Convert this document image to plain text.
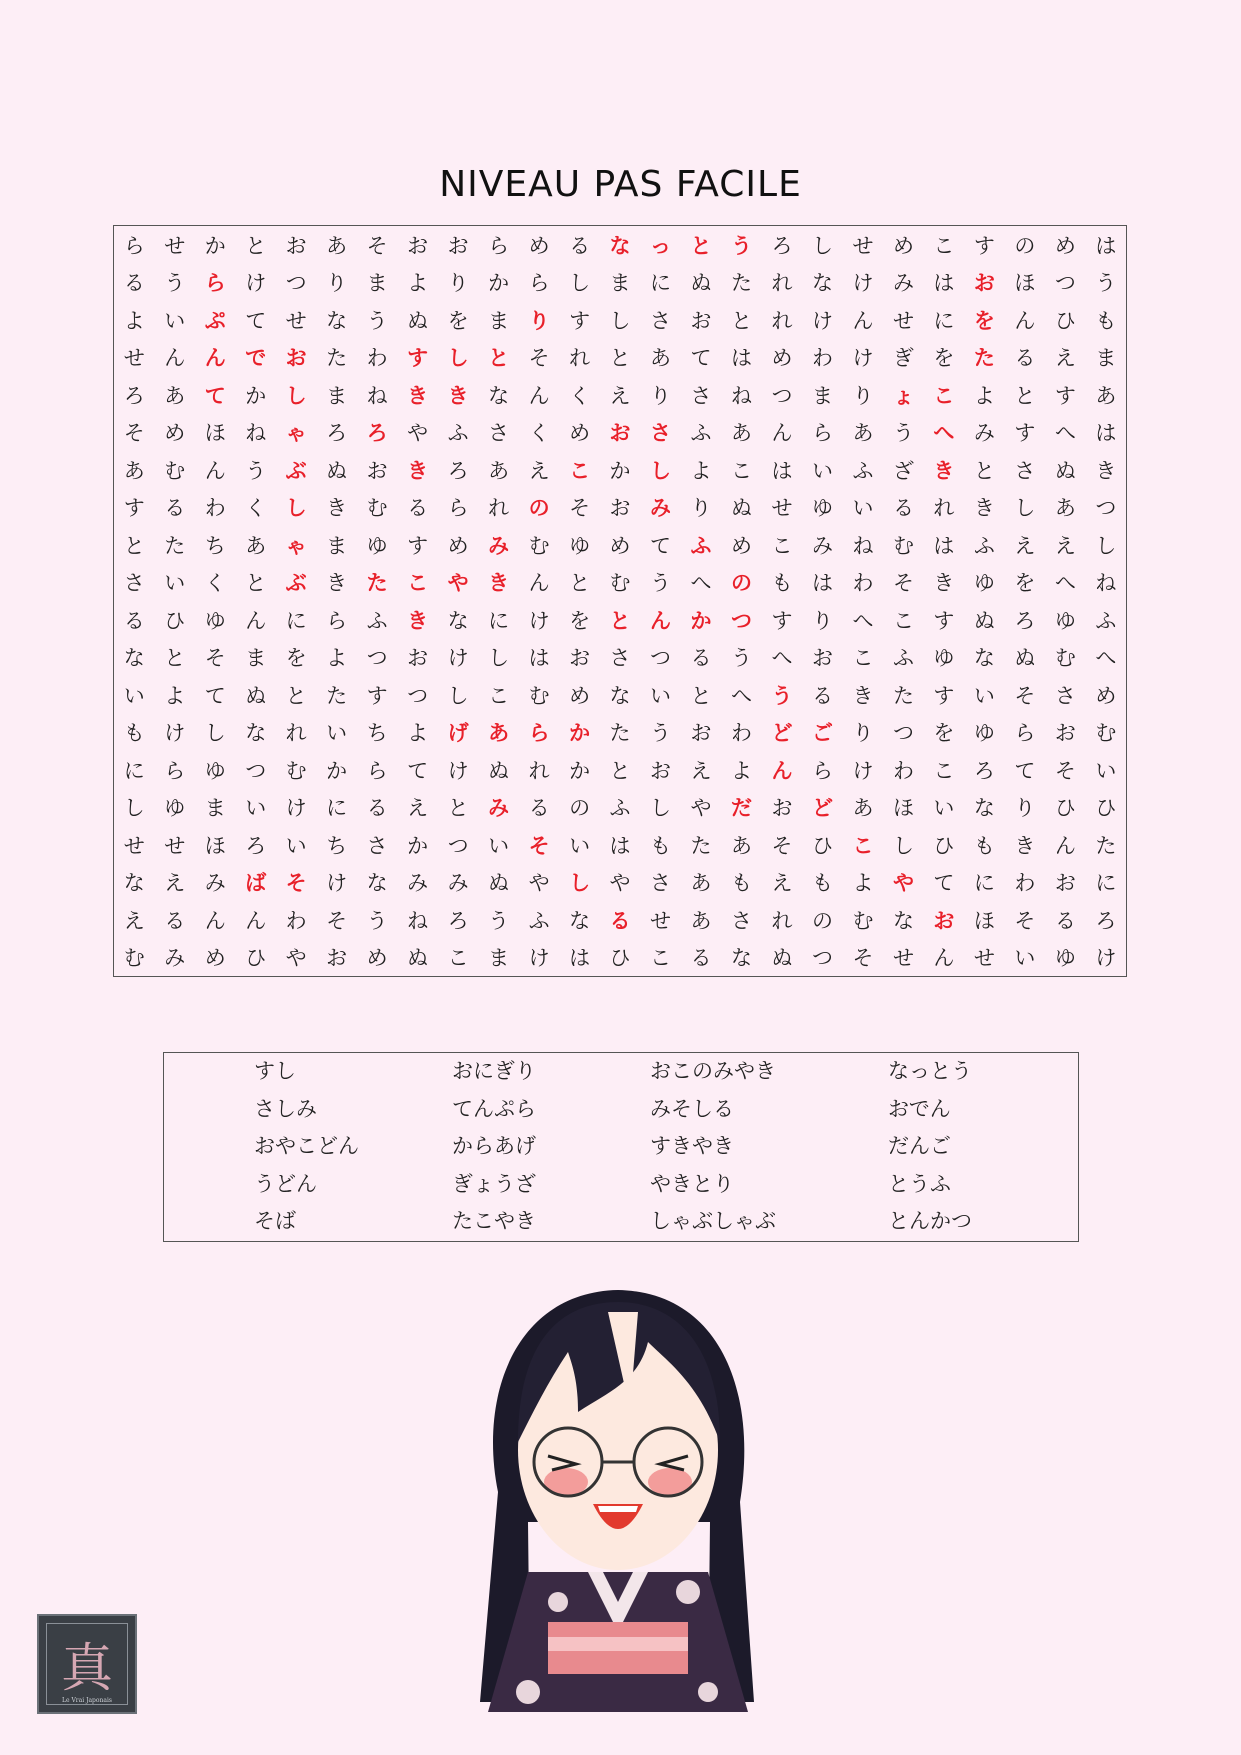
NIVEAU PAS FACILE
ら せ か と お あ そ お お ら め る な っ と う ろ し せ め こ す の め は
る う ら け つ り ま よ り か ら し ま に ぬ た れ な け み は お ほ つ う
よ い ぷ て せ な う ぬ を ま り す し さ お と れ け ん せ に を ん ひ も
せ ん ん で お た わ す し と そ れ と あ て は め わ け ぎ を た る え ま
ろ あ て か し ま ね き き な ん く え り さ ね つ ま り ょ こ よ と す あ
そ め ほ ね ゃ ろ ろ や ふ さ く め お さ ふ あ ん ら あ う へ み す へ は
あ む ん う ぶ ぬ お き ろ あ え こ か し よ こ は い ふ ざ き と さ ぬ き
す る わ く し き む る ら れ の そ お み り ぬ せ ゆ い る れ き し あ つ
と た ち あ ゃ ま ゆ す め み む ゆ め て ふ め こ み ね む は ふ え え し
さ い く と ぶ き た こ や き ん と む う へ の も は わ そ き ゆ を へ ね
る ひ ゆ ん に ら ふ き な に け を と ん か つ す り へ こ す ぬ ろ ゆ ふ
な と そ ま を よ つ お け し は お さ つ る う へ お こ ふ ゆ な ぬ む へ
い よ て ぬ と た す つ し こ む め な い と へ う る き た す い そ さ め
も け し な れ い ち よ げ あ ら か た う お わ ど ご り つ を ゆ ら お む
に ら ゆ つ む か ら て け ぬ れ か と お え よ ん ら け わ こ ろ て そ い
し ゆ ま い け に る え と み る の ふ し や だ お ど あ ほ い な り ひ ひ
せ せ ほ ろ い ち さ か つ い そ い は も た あ そ ひ こ し ひ も き ん た
な え み ば そ け な み み ぬ や し や さ あ も え も よ や て に わ お に
え る ん ん わ そ う ね ろ う ふ な る せ あ さ れ の む な お ほ そ る ろ
む み め ひ や お め ぬ こ ま け は ひ こ る な ぬ つ そ せ ん せ い ゆ け
すし	おにぎり	おこのみやき	なっとう
さしみ	てんぷら	みそしる	おでん
おやこどん	からあげ	すきやき	だんご
うどん	ぎょうざ	やきとり	とうふ
そば	たこやき	しゃぶしゃぶ	とんかつ
真
Le Vrai Japonais
